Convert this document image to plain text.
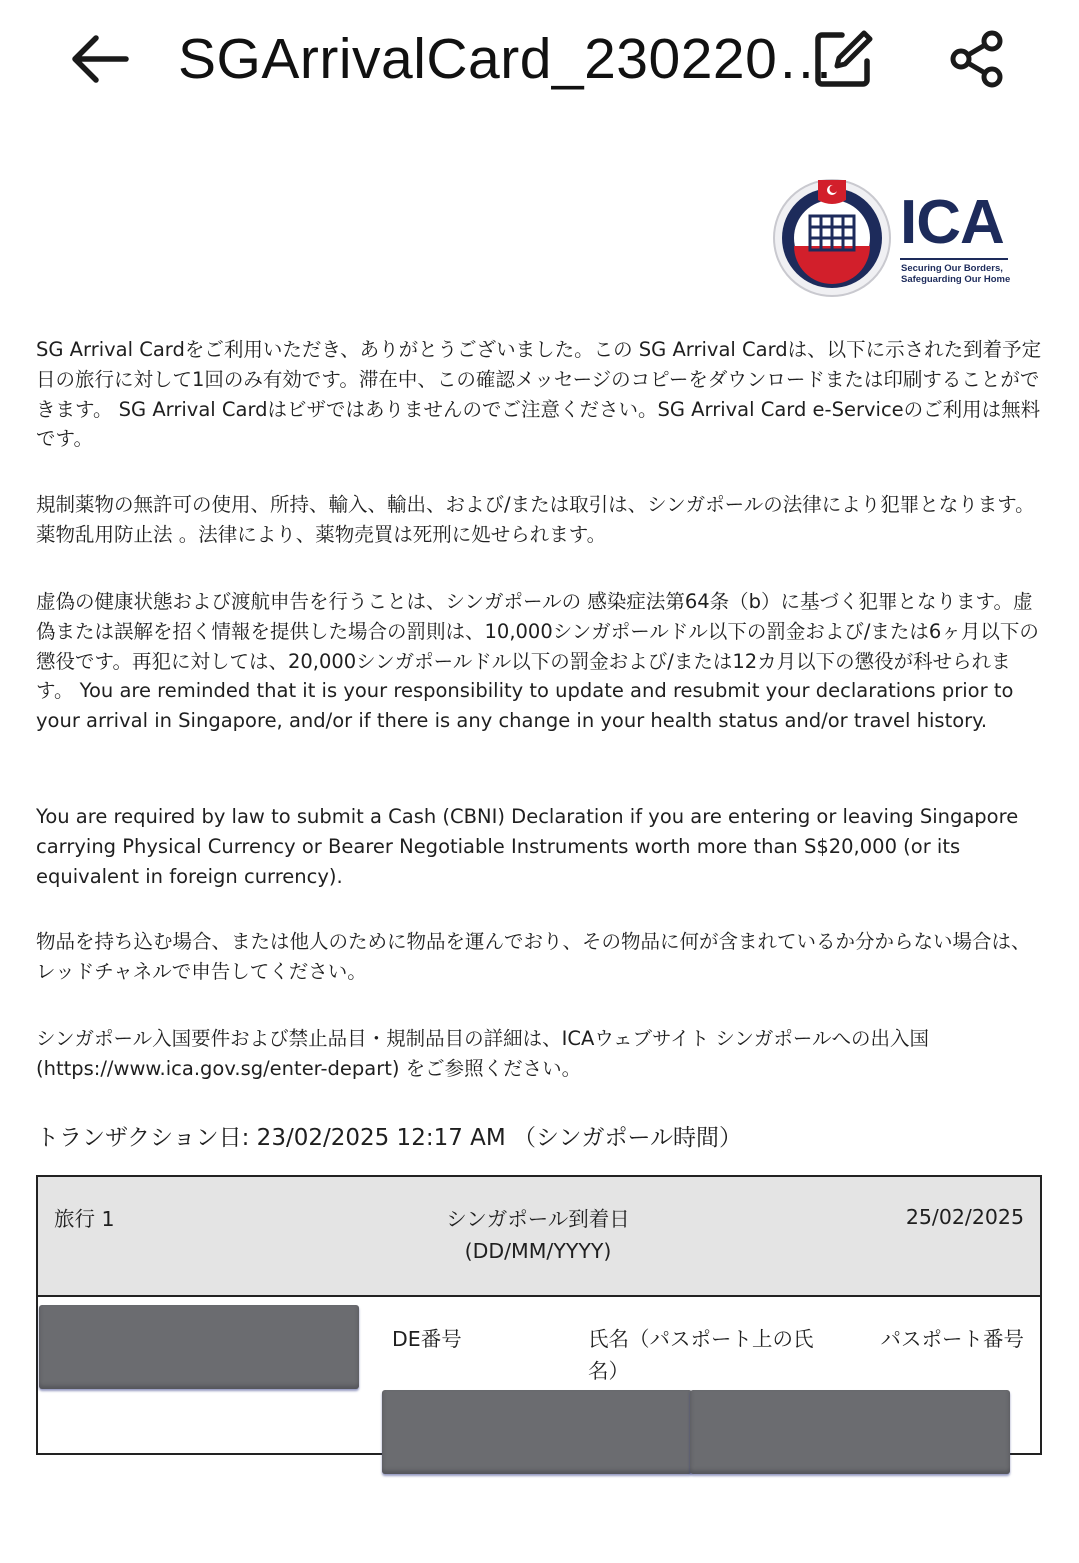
SGArrivalCard_230220…
ICA
Securing Our Borders,
Safeguarding Our Home
SG Arrival Cardをご利用いただき、ありがとうございました。この SG Arrival Cardは、以下に示された到着予定日の旅行に対して1回のみ有効です。滞在中、この確認メッセージのコピーをダウンロードまたは印刷することができます。 SG Arrival Cardはビザではありませんのでご注意ください。SG Arrival Card e-Serviceのご利用は無料です。
規制薬物の無許可の使用、所持、輸入、輸出、および/または取引は、シンガポールの法律により犯罪となります。　薬物乱用防止法 。法律により、薬物売買は死刑に処せられます。
虚偽の健康状態および渡航申告を行うことは、シンガポールの 感染症法第64条（b）に基づく犯罪となります。虚偽または誤解を招く情報を提供した場合の罰則は、10,000シンガポールドル以下の罰金および/または6ヶ月以下の懲役です。再犯に対しては、20,000シンガポールドル以下の罰金および/または12カ月以下の懲役が科せられます。 You are reminded that it is your responsibility to update and resubmit your declarations prior to your arrival in Singapore, and/or if there is any change in your health status and/or travel history.
You are required by law to submit a Cash (CBNI) Declaration if you are entering or leaving Singapore carrying Physical Currency or Bearer Negotiable Instruments worth more than S$20,000 (or its equivalent in foreign currency).
物品を持ち込む場合、または他人のために物品を運んでおり、その物品に何が含まれているか分からない場合は、レッドチャネルで申告してください。
シンガポール入国要件および禁止品目・規制品目の詳細は、ICAウェブサイト シンガポールへの出入国 (https://www.ica.gov.sg/enter-depart) をご参照ください。
トランザクション日: 23/02/2025 12:17 AM （シンガポール時間）
旅行 1	シンガポール到着日 (DD/MM/YYYY)
25/02/2025
DE番号	氏名（パスポート上の氏名）
パスポート番号
